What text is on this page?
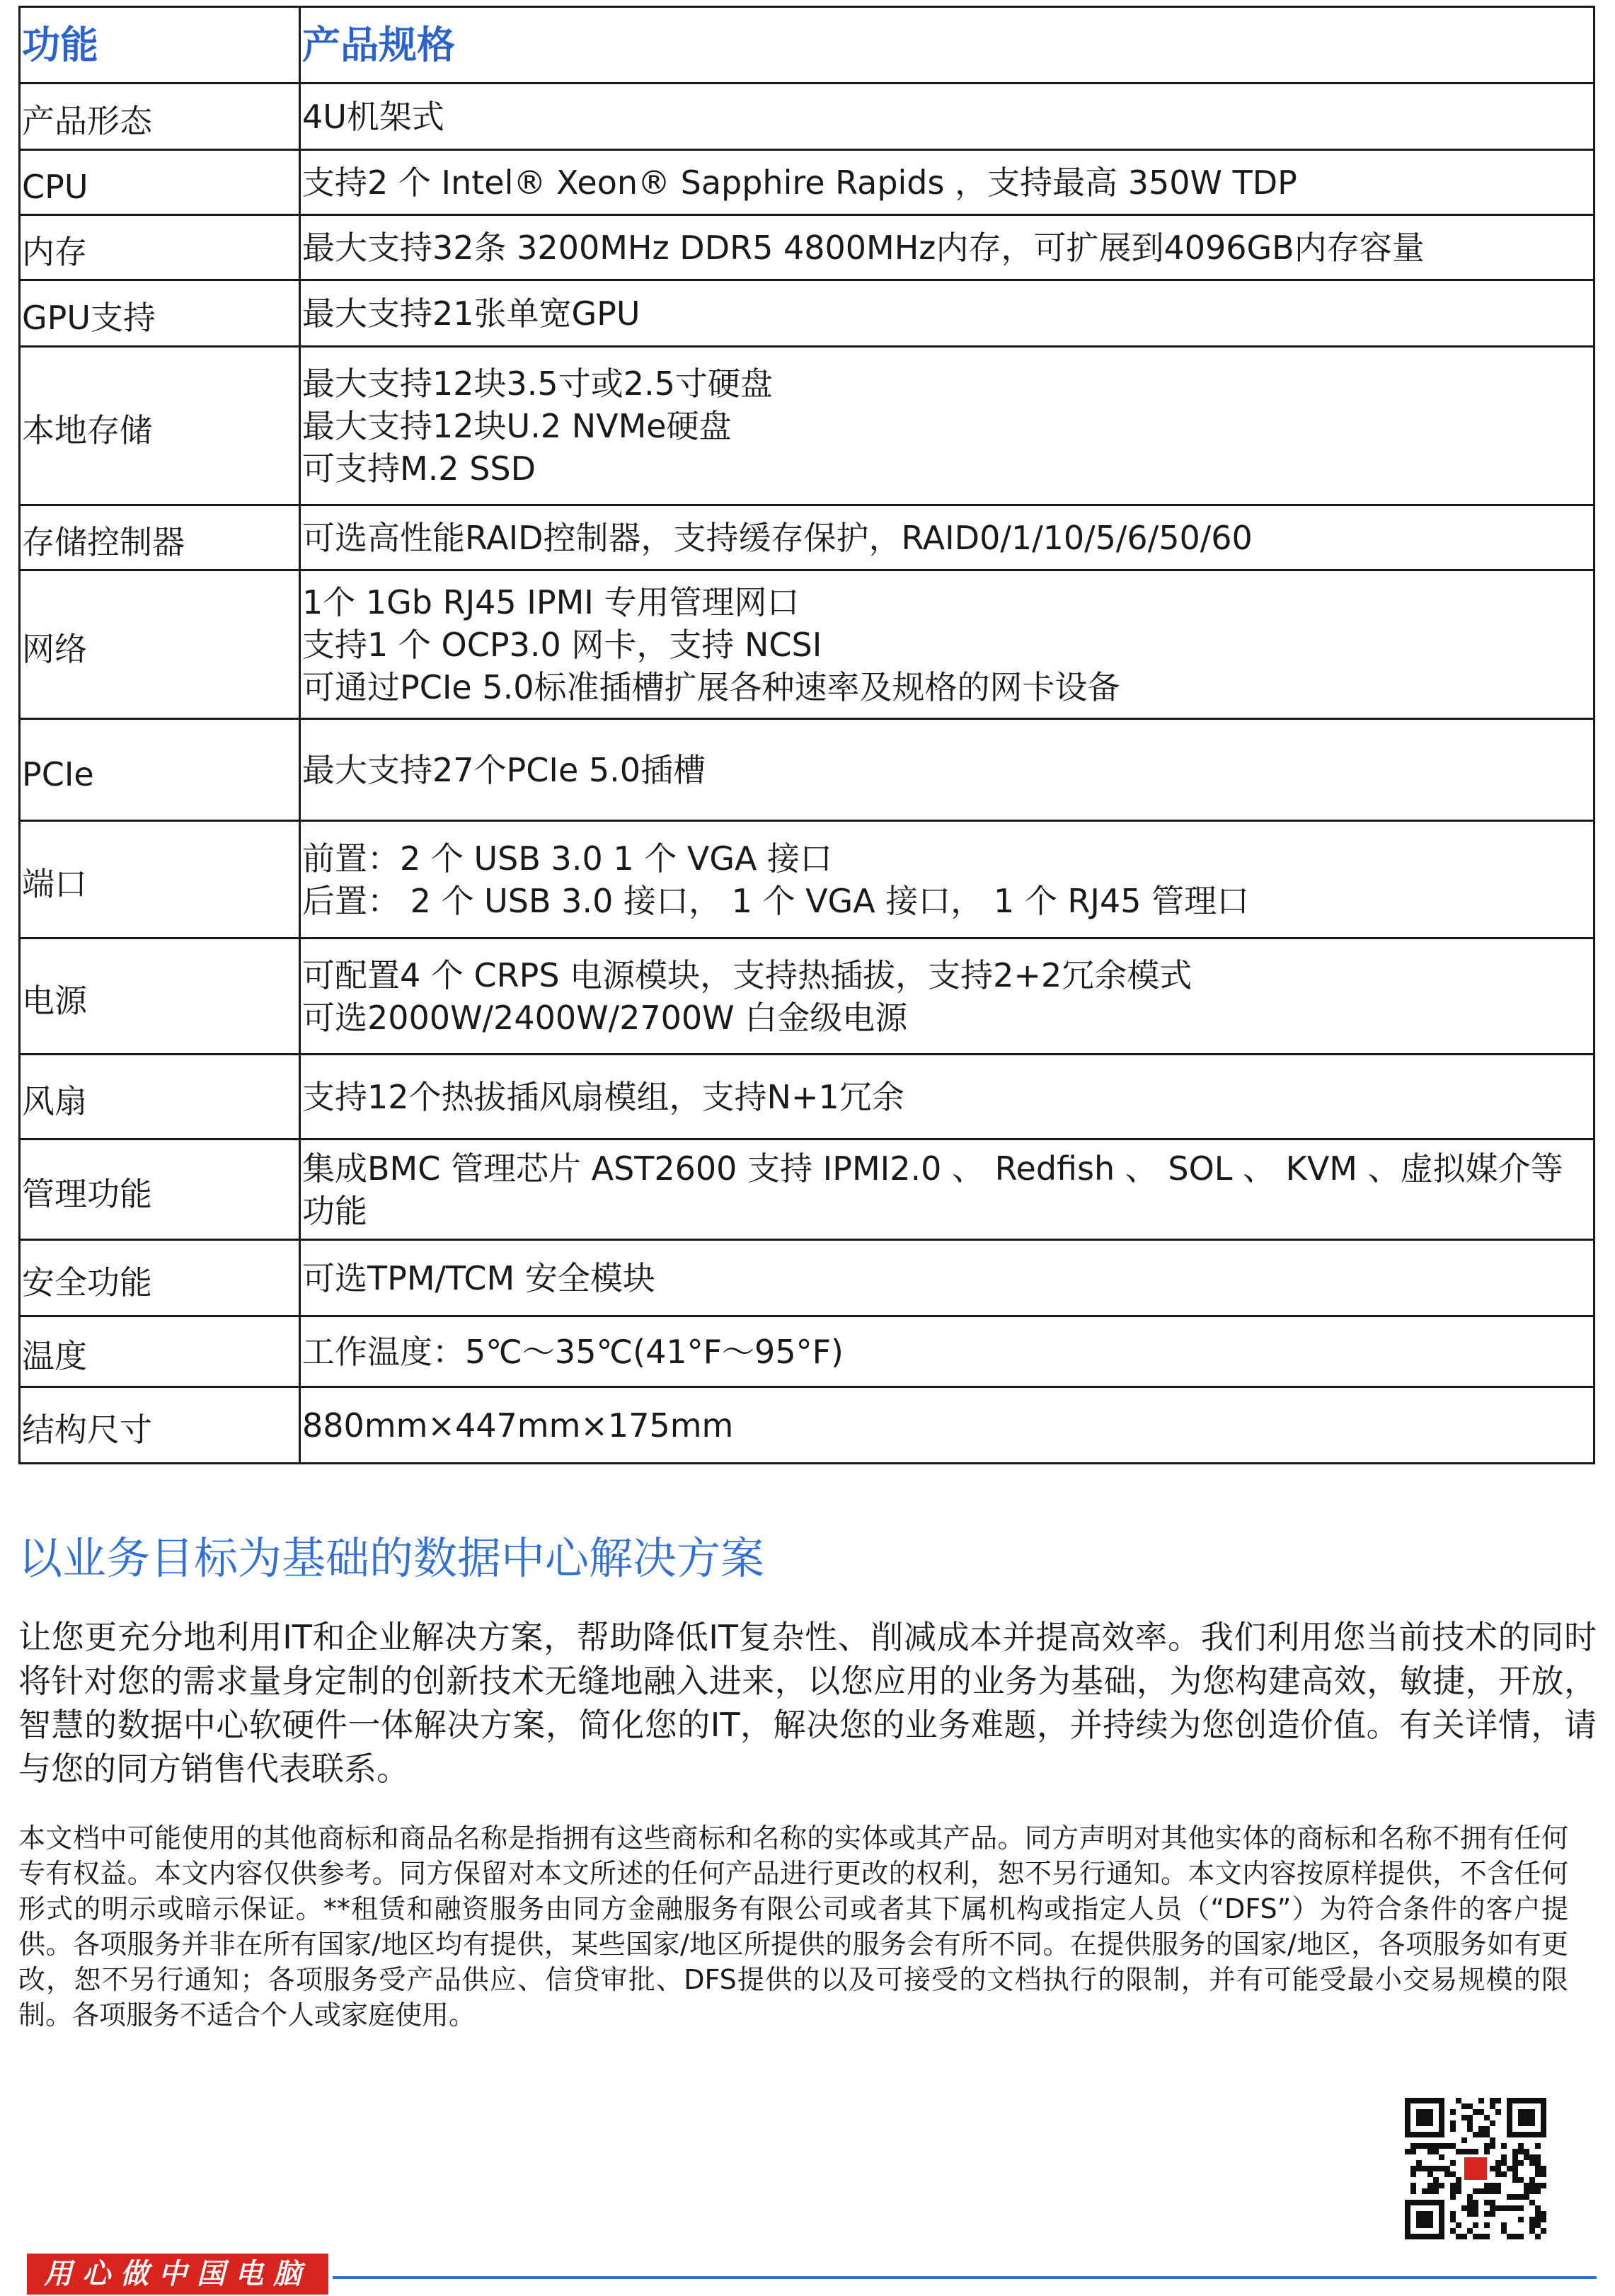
功能	产品规格
产品形态	4U机架式

CPU	支持2 个 Intel® Xeon® Sapphire Rapids ，支持最高 350W TDP

内存	最大支持32条 3200MHz DDR5 4800MHz内存，可扩展到4096GB内存容量

GPU支持	最大支持21张单宽GPU

本地存储	最大支持12块3.5寸或2.5寸硬盘
最大支持12块U.2 NVMe硬盘
可支持M.2 SSD

存储控制器	可选高性能RAID控制器，支持缓存保护，RAID0/1/10/5/6/50/60

网络	1个 1Gb RJ45 IPMI 专用管理网口
支持1 个 OCP3.0 网卡，支持 NCSI
可通过PCIe 5.0标准插槽扩展各种速率及规格的网卡设备

PCIe	最大支持27个PCIe 5.0插槽

端口	前置：2 个 USB 3.0 1 个 VGA 接口
后置： 2 个 USB 3.0 接口， 1 个 VGA 接口， 1 个 RJ45 管理口

电源	可配置4 个 CRPS 电源模块，支持热插拔，支持2+2冗余模式
可选2000W/2400W/2700W 白金级电源

风扇	支持12个热拔插风扇模组，支持N+1冗余

管理功能	集成BMC 管理芯片 AST2600 支持 IPMI2.0 、 Redfish 、 SOL 、 KVM 、虚拟媒介等功能

安全功能	可选TPM/TCM 安全模块

温度	工作温度：5℃～35℃(41°F～95°F)

结构尺寸	880mm×447mm×175mm
以业务目标为基础的数据中心解决方案
让您更充分地利用IT和企业解决方案，帮助降低IT复杂性、削减成本并提高效率。我们利用您当前技术的同时将针对您的需求量身定制的创新技术无缝地融入进来，以您应用的业务为基础，为您构建高效，敏捷，开放，智慧的数据中心软硬件一体解决方案，简化您的IT，解决您的业务难题，并持续为您创造价值。有关详情，请与您的同方销售代表联系。
本文档中可能使用的其他商标和商品名称是指拥有这些商标和名称的实体或其产品。同方声明对其他实体的商标和名称不拥有任何专有权益。本文内容仅供参考。同方保留对本文所述的任何产品进行更改的权利，恕不另行通知。本文内容按原样提供，不含任何形式的明示或暗示保证。**租赁和融资服务由同方金融服务有限公司或者其下属机构或指定人员（“DFS”）为符合条件的客户提供。各项服务并非在所有国家/地区均有提供，某些国家/地区所提供的服务会有所不同。在提供服务的国家/地区，各项服务如有更改，恕不另行通知；各项服务受产品供应、信贷审批、DFS提供的以及可接受的文档执行的限制，并有可能受最小交易规模的限制。各项服务不适合个人或家庭使用。
用心做中国电脑
